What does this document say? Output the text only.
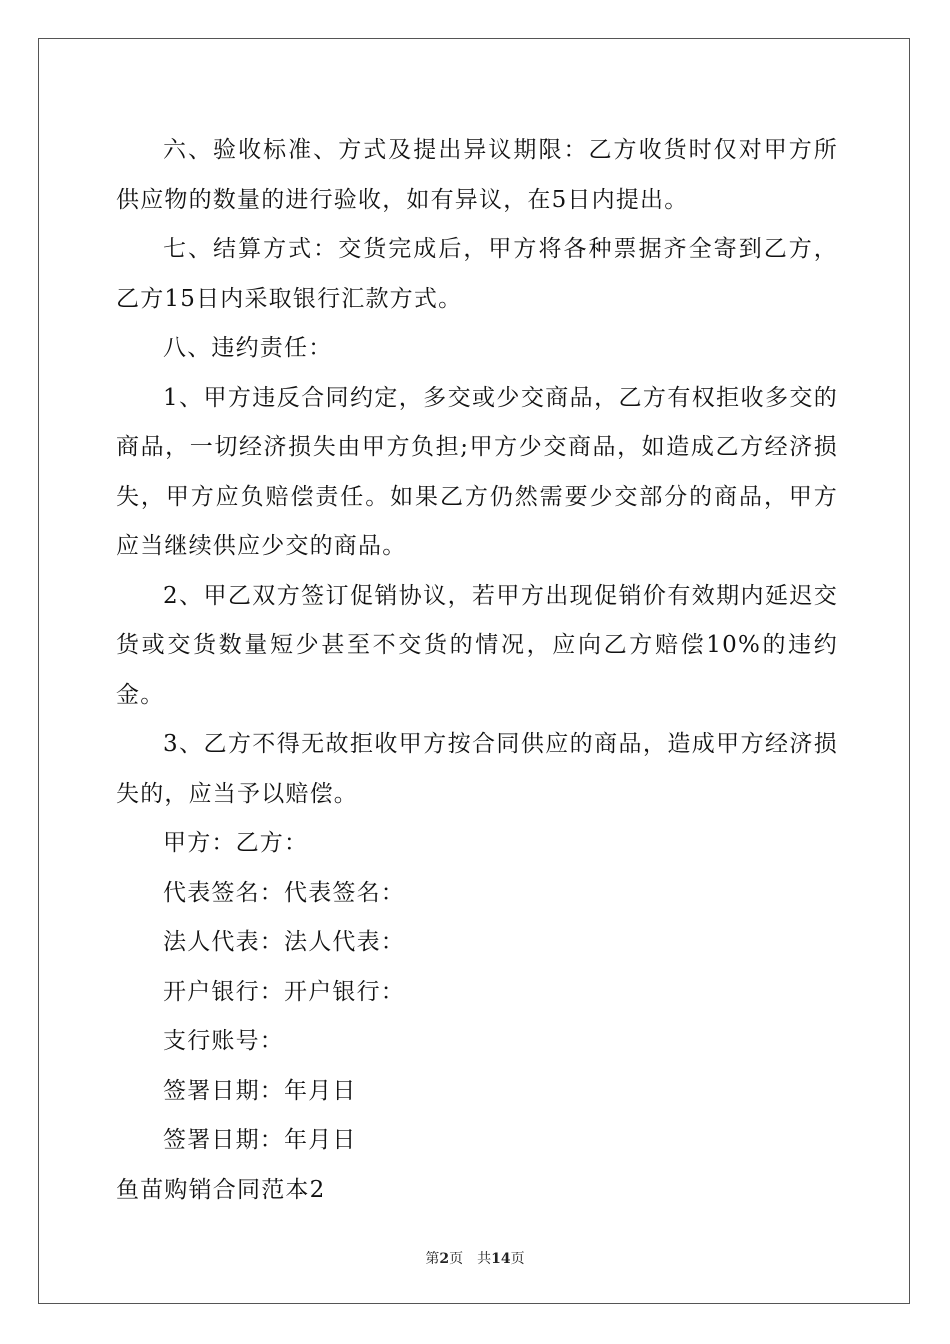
六、验收标准、方式及提出异议期限：乙方收货时仅对甲方所供应物的数量的进行验收，如有异议，在5日内提出。

七、结算方式：交货完成后，甲方将各种票据齐全寄到乙方，乙方15日内采取银行汇款方式。

八、违约责任：

1、甲方违反合同约定，多交或少交商品，乙方有权拒收多交的商品，一切经济损失由甲方负担;甲方少交商品，如造成乙方经济损失，甲方应负赔偿责任。如果乙方仍然需要少交部分的商品，甲方应当继续供应少交的商品。

2、甲乙双方签订促销协议，若甲方出现促销价有效期内延迟交货或交货数量短少甚至不交货的情况，应向乙方赔偿10%的违约金。

3、乙方不得无故拒收甲方按合同供应的商品，造成甲方经济损失的，应当予以赔偿。

甲方：乙方：

代表签名：代表签名：

法人代表：法人代表：

开户银行：开户银行：

支行账号：

签署日期：年月日

签署日期：年月日

鱼苗购销合同范本2

第2页 共14页
